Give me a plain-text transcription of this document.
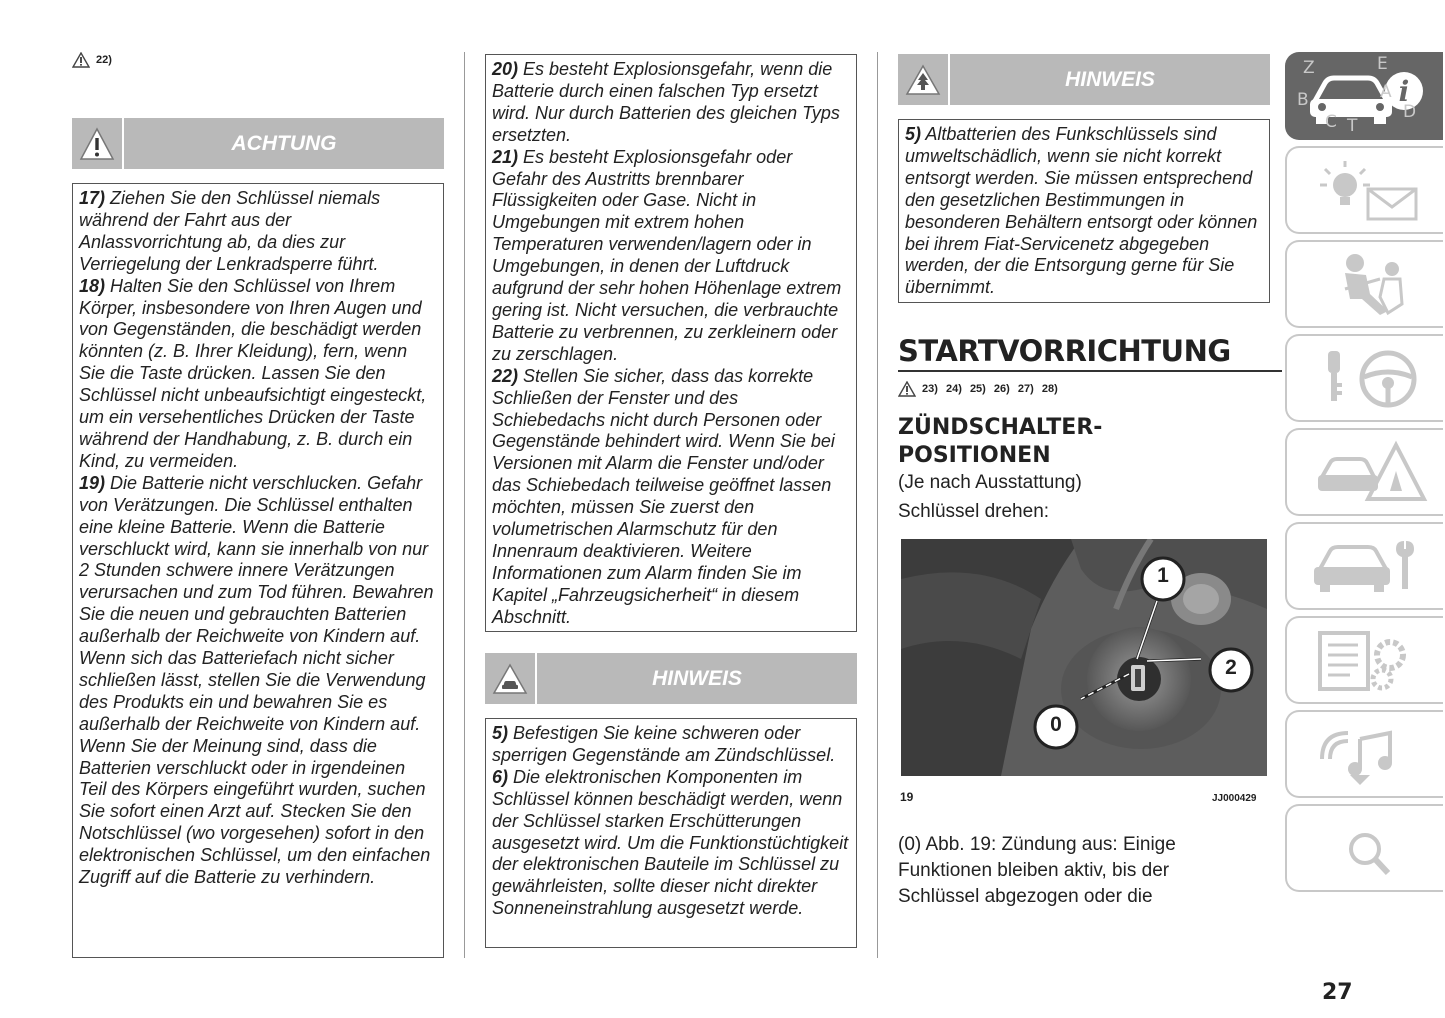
22)
ACHTUNG

17) Ziehen Sie den Schlüssel niemals während der Fahrt aus der Anlassvorrichtung ab, da dies zur Verriegelung der Lenkradsperre führt.

18) Halten Sie den Schlüssel von Ihrem Körper, insbesondere von Ihren Augen und von Gegenständen, die beschädigt werden könnten (z. B. Ihrer Kleidung), fern, wenn Sie die Taste drücken. Lassen Sie den Schlüssel nicht unbeaufsichtigt eingesteckt, um ein versehentliches Drücken der Taste während der Handhabung, z. B. durch ein Kind, zu vermeiden.

19) Die Batterie nicht verschlucken. Gefahr von Verätzungen. Die Schlüssel enthalten eine kleine Batterie. Wenn die Batterie verschluckt wird, kann sie innerhalb von nur 2 Stunden schwere innere Verätzungen verursachen und zum Tod führen. Bewahren Sie die neuen und gebrauchten Batterien außerhalb der Reichweite von Kindern auf. Wenn sich das Batteriefach nicht sicher schließen lässt, stellen Sie die Verwendung des Produkts ein und bewahren Sie es außerhalb der Reichweite von Kindern auf. Wenn Sie der Meinung sind, dass die Batterien verschluckt oder in irgendeinen Teil des Körpers eingeführt wurden, suchen Sie sofort einen Arzt auf. Stecken Sie den Notschlüssel (wo vorgesehen) sofort in den elektronischen Schlüssel, um den einfachen Zugriff auf die Batterie zu verhindern.

20) Es besteht Explosionsgefahr, wenn die Batterie durch einen falschen Typ ersetzt wird. Nur durch Batterien des gleichen Typs ersetzten.

21) Es besteht Explosionsgefahr oder Gefahr des Austritts brennbarer Flüssigkeiten oder Gase. Nicht in Umgebungen mit extrem hohen Temperaturen verwenden/lagern oder in Umgebungen, in denen der Luftdruck aufgrund der sehr hohen Höhenlage extrem gering ist. Nicht versuchen, die verbrauchte Batterie zu verbrennen, zu zerkleinern oder zu zerschlagen.

22) Stellen Sie sicher, dass das korrekte Schließen der Fenster und des Schiebedachs nicht durch Personen oder Gegenstände behindert wird. Wenn Sie bei Versionen mit Alarm die Fenster und/oder das Schiebedach teilweise geöffnet lassen möchten, müssen Sie zuerst den volumetrischen Alarmschutz für den Innenraum deaktivieren. Weitere Informationen zum Alarm finden Sie im Kapitel „Fahrzeugsicherheit“ in diesem Abschnitt.

HINWEIS

5) Befestigen Sie keine schweren oder sperrigen Gegenstände am Zündschlüssel.

6) Die elektronischen Komponenten im Schlüssel können beschädigt werden, wenn der Schlüssel starken Erschütterungen ausgesetzt wird. Um die Funktionstüchtigkeit der elektronischen Bauteile im Schlüssel zu gewährleisten, sollte dieser nicht direkter Sonneneinstrahlung ausgesetzt werde.

HINWEIS

5) Altbatterien des Funkschlüssels sind umweltschädlich, wenn sie nicht korrekt entsorgt werden. Sie müssen entsprechend den gesetzlichen Bestimmungen in besonderen Behältern entsorgt oder können bei ihrem Fiat-Servicenetz abgegeben werden, der die Entsorgung gerne für Sie übernimmt.

STARTVORRICHTUNG
23) 24) 25) 26) 27) 28)
ZÜNDSCHALTER-
POSITIONEN
(Je nach Ausstattung)
Schlüssel drehen:
1
2
0
19	JJ000429
(0) Abb. 19: Zündung aus: Einige
Funktionen bleiben aktiv, bis der
Schlüssel abgezogen oder die
i
Z	E
B	A
C T
D
27
